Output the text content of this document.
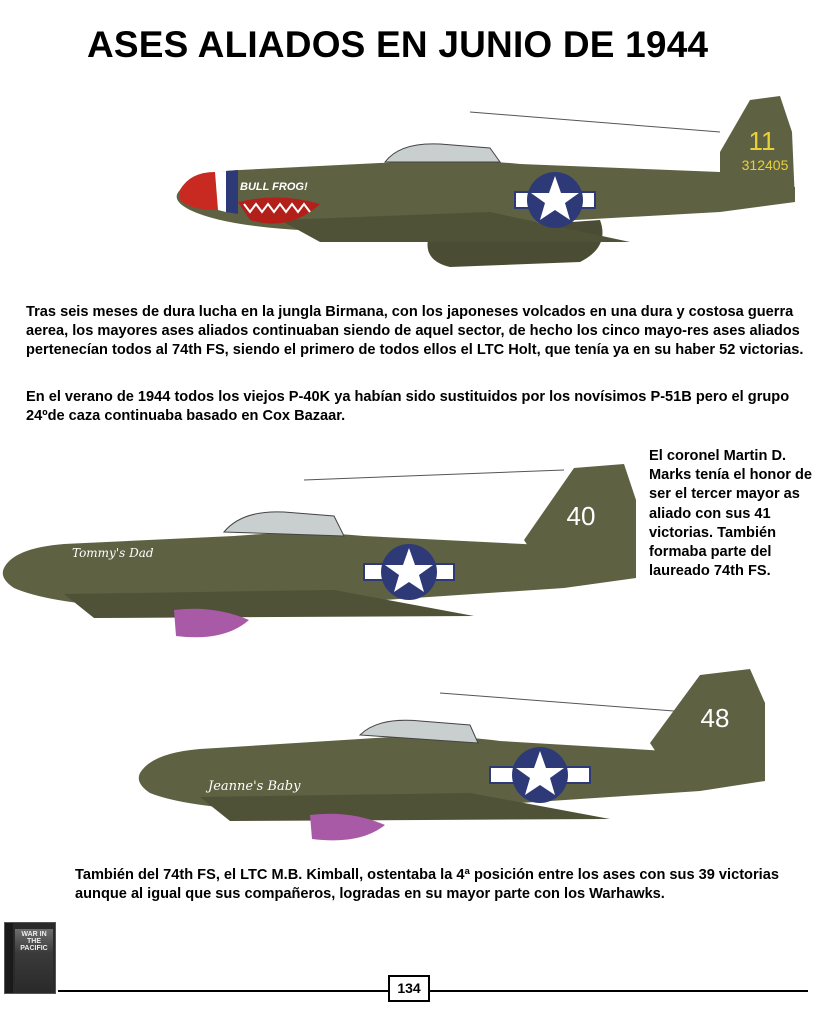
ASES ALIADOS EN JUNIO DE 1944
BULL FROG!
11
312405
Tras seis meses de dura lucha en la jungla Birmana, con los japoneses volcados en una dura y costosa guerra aerea, los mayores ases aliados continuaban siendo de aquel sector, de hecho los cinco mayo-res ases aliados pertenecían todos al 74th FS, siendo el primero de todos ellos el LTC Holt, que tenía ya en su haber 52 victorias.
En el verano de 1944 todos los viejos P-40K ya habían sido sustituidos por los novísimos P-51B pero el grupo 24ºde caza continuaba basado en Cox Bazaar.
Tommy's Dad
40
El coronel Martin D. Marks tenía el honor de ser el tercer mayor as aliado con sus 41 victorias. También formaba parte del laureado 74th FS.
Jeanne's Baby
48
También del 74th FS, el LTC M.B. Kimball, ostentaba la 4ª posición entre los ases con sus 39 victorias aunque al igual que sus compañeros, logradas en su mayor parte con los Warhawks.
WAR IN THE PACIFIC
134
